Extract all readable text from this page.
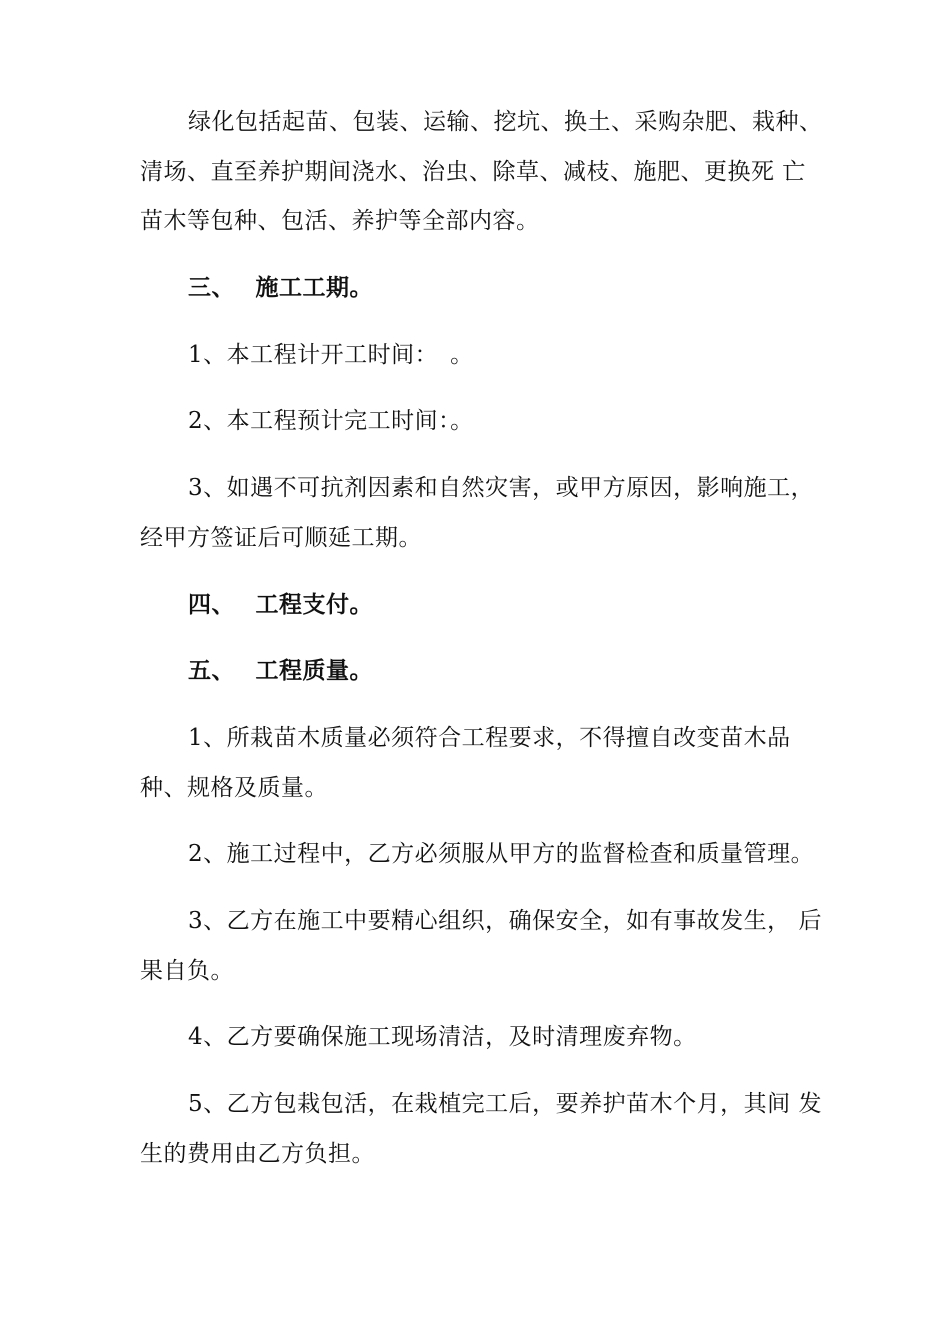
绿化包括起苗、包装、运输、挖坑、换土、采购杂肥、栽种、
清场、直至养护期间浇水、治虫、除草、减枝、施肥、更换死 亡
苗木等包种、包活、养护等全部内容。
三、　 施工工期。
1、本工程计开工时间：　。
2、本工程预计完工时间：。
3、如遇不可抗剂因素和自然灾害，或甲方原因，影响施工，
经甲方签证后可顺延工期。
四、　 工程支付。
五、　 工程质量。
1、所栽苗木质量必须符合工程要求，不得擅自改变苗木品
种、规格及质量。
2、施工过程中，乙方必须服从甲方的监督检查和质量管理。
3、乙方在施工中要精心组织，确保安全，如有事故发生， 后
果自负。
4、乙方要确保施工现场清洁，及时清理废弃物。
5、乙方包栽包活，在栽植完工后，要养护苗木个月，其间 发
生的费用由乙方负担。
